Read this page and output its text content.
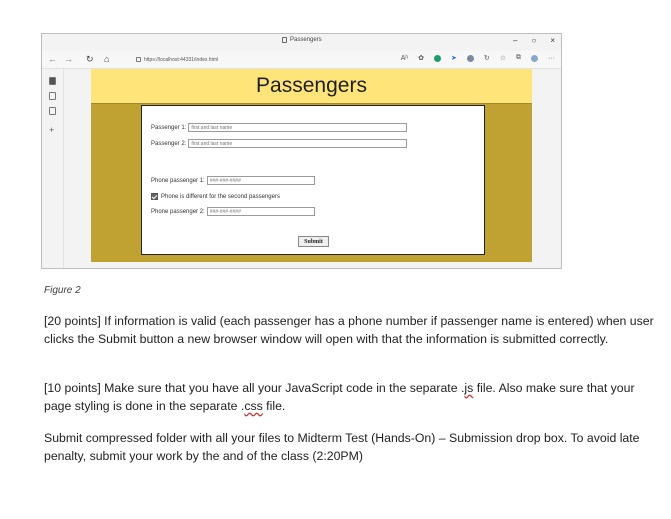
Passengers	– ○ ×
← → ↻ ⌂	https://localhost:44331/index.html	Aʰ ✿	➤	↻ ☆ ⧉	···
+
Passengers
Passenger 1:
first and last name
Passenger 2:
first and last name
Phone passenger 1:
###-###-####
Phone is different for the second passengers
Phone passenger 2:
###-###-####
Submit
Figure 2

[20 points] If information is valid (each passenger has a phone number if passenger name is entered) when user clicks the Submit button a new browser window will open with that the information is submitted correctly.

[10 points] Make sure that you have all your JavaScript code in the separate .js file. Also make sure that your page styling is done in the separate .css file.

Submit compressed folder with all your files to Midterm Test (Hands-On) – Submission drop box. To avoid late penalty, submit your work by the and of the class (2:20PM)
